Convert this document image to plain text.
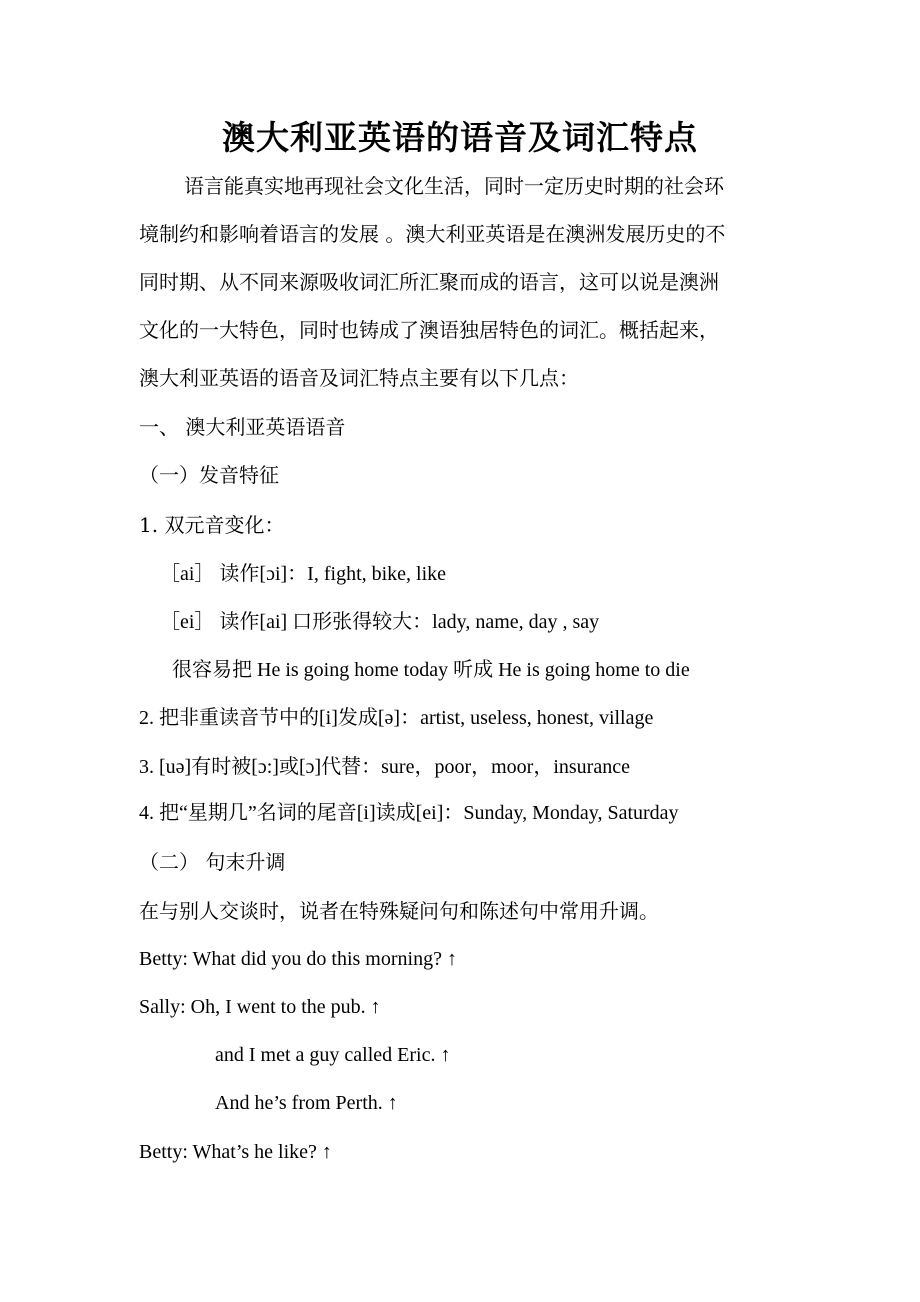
澳大利亚英语的语音及词汇特点
语言能真实地再现社会文化生活，同时一定历史时期的社会环
境制约和影响着语言的发展 。澳大利亚英语是在澳洲发展历史的不
同时期、从不同来源吸收词汇所汇聚而成的语言，这可以说是澳洲
文化的一大特色，同时也铸成了澳语独居特色的词汇。概括起来，
澳大利亚英语的语音及词汇特点主要有以下几点：
一、 澳大利亚英语语音
（一）发音特征
1. 双元音变化：
［ai］ 读作[ɔi]：I, fight, bike, like
［ei］ 读作[ai] 口形张得较大：lady, name, day , say
很容易把 He is going home today 听成 He is going home to die
2. 把非重读音节中的[i]发成[ə]：artist, useless, honest, village
3. [uə]有时被[ɔ:]或[ɔ]代替：sure，poor，moor，insurance
4. 把“星期几”名词的尾音[i]读成[ei]：Sunday, Monday, Saturday
（二） 句末升调
在与别人交谈时，说者在特殊疑问句和陈述句中常用升调。
Betty: What did you do this morning? ↑
Sally: Oh, I went to the pub. ↑
and I met a guy called Eric. ↑
And he’s from Perth. ↑
Betty: What’s he like? ↑
